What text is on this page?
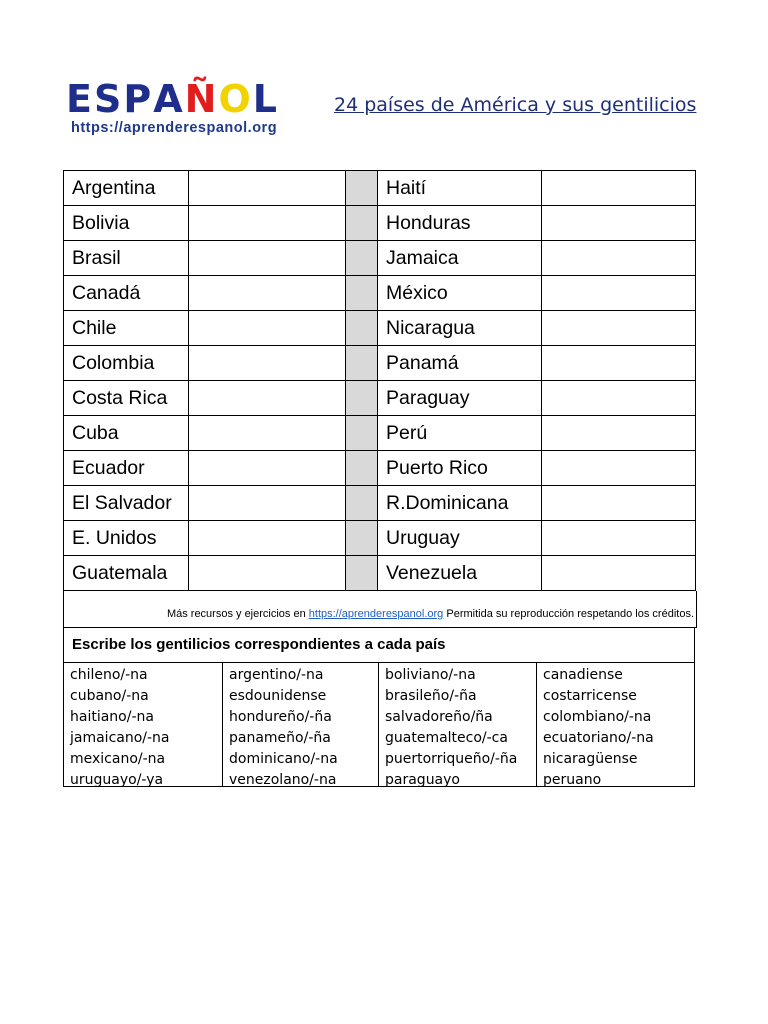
ESPAÑOL
https://aprenderespanol.org
24 países de América y sus gentilicios
Argentina			Haití	
Bolivia			Honduras	
Brasil			Jamaica	
Canadá			México	
Chile			Nicaragua	
Colombia			Panamá	
Costa Rica			Paraguay	
Cuba			Perú	
Ecuador			Puerto Rico	
El Salvador			R.Dominicana	
E. Unidos			Uruguay	
Guatemala			Venezuela	
Más recursos y ejercicios en https://aprenderespanol.org Permitida su reproducción respetando los créditos.
Escribe los gentilicios correspondientes a cada país
chileno/-na
cubano/-na
haitiano/-na
jamaicano/-na
mexicano/-na
uruguayo/-ya
argentino/-na
esdounidense
hondureño/-ña
panameño/-ña
dominicano/-na
venezolano/-na
boliviano/-na
brasileño/-ña
salvadoreño/ña
guatemalteco/-ca
puertorriqueño/-ña
paraguayo
canadiense
costarricense
colombiano/-na
ecuatoriano/-na
nicaragüense
peruano
